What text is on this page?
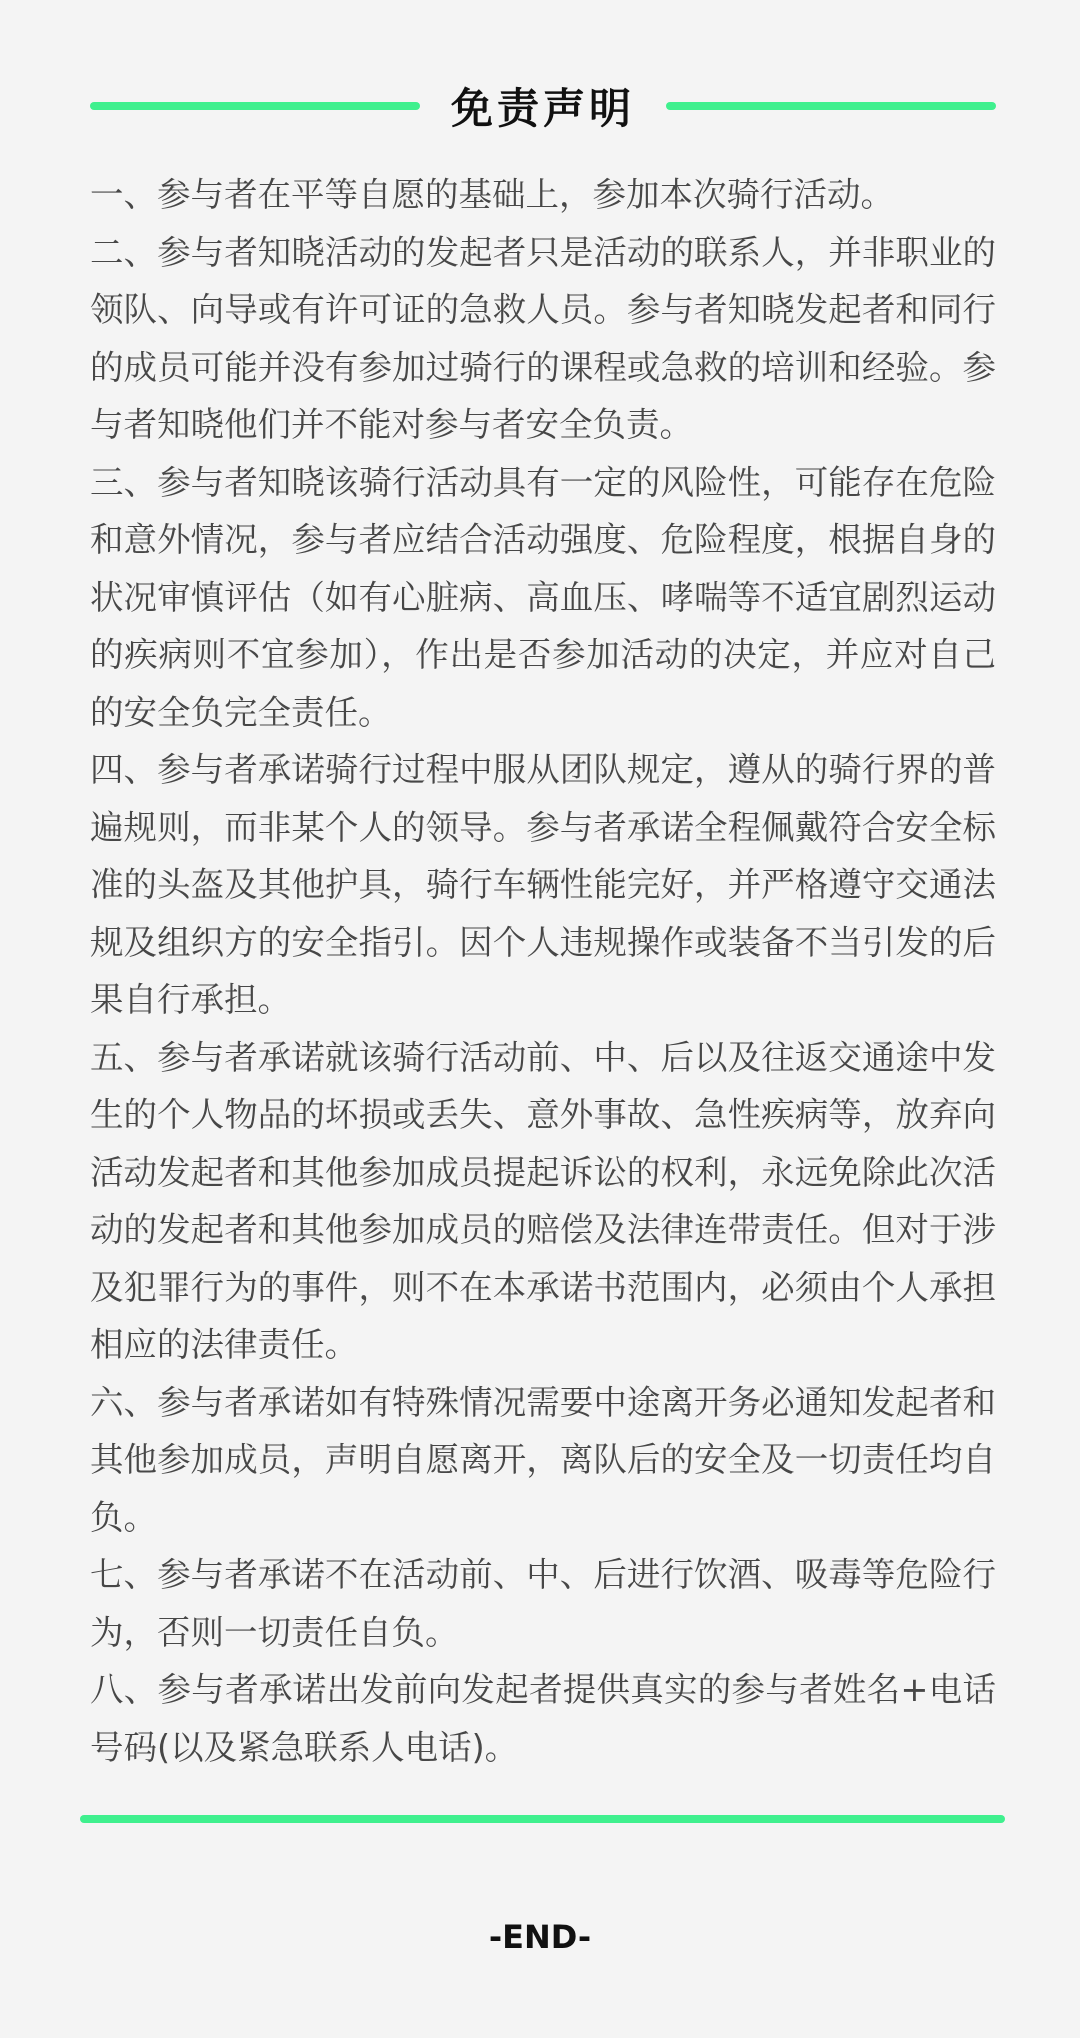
免责声明

一、参与者在平等自愿的基础上，参加本次骑行活动。

二、参与者知晓活动的发起者只是活动的联系人，并非职业的领队、向导或有许可证的急救人员。参与者知晓发起者和同行的成员可能并没有参加过骑行的课程或急救的培训和经验。参与者知晓他们并不能对参与者安全负责。

三、参与者知晓该骑行活动具有一定的风险性，可能存在危险和意外情况，参与者应结合活动强度、危险程度，根据自身的状况审慎评估（如有心脏病、高血压、哮喘等不适宜剧烈运动的疾病则不宜参加），作出是否参加活动的决定，并应对自己的安全负完全责任。

四、参与者承诺骑行过程中服从团队规定，遵从的骑行界的普遍规则，而非某个人的领导。参与者承诺全程佩戴符合安全标准的头盔及其他护具，骑行车辆性能完好，并严格遵守交通法规及组织方的安全指引。因个人违规操作或装备不当引发的后果自行承担。

五、参与者承诺就该骑行活动前、中、后以及往返交通途中发生的个人物品的坏损或丢失、意外事故、急性疾病等，放弃向活动发起者和其他参加成员提起诉讼的权利，永远免除此次活动的发起者和其他参加成员的赔偿及法律连带责任。但对于涉及犯罪行为的事件，则不在本承诺书范围内，必须由个人承担相应的法律责任。

六、参与者承诺如有特殊情况需要中途离开务必通知发起者和其他参加成员，声明自愿离开，离队后的安全及一切责任均自负。

七、参与者承诺不在活动前、中、后进行饮酒、吸毒等危险行为，否则一切责任自负。

八、参与者承诺出发前向发起者提供真实的参与者姓名+电话号码(以及紧急联系人电话)。

-END-
